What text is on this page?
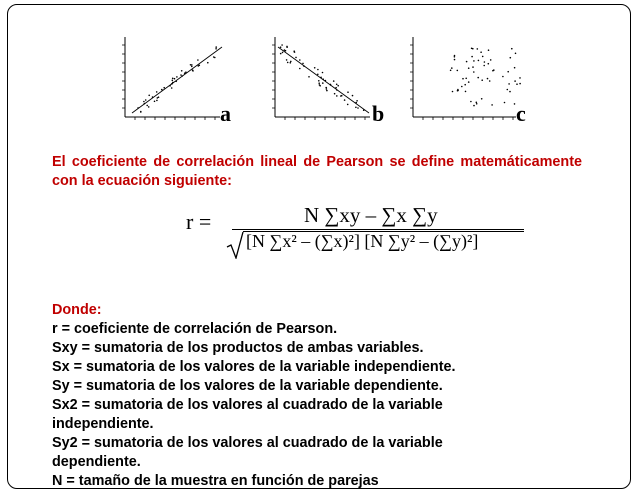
a	b	c

El coeficiente de correlación lineal de Pearson se define matemáticamente con la ecuación siguiente:

r =	N ∑xy – ∑x ∑y
[N ∑x² – (∑x)²] [N ∑y² – (∑y)²]
Donde:
r = coeficiente de correlación de Pearson.
Sxy = sumatoria de los productos de ambas variables.
Sx = sumatoria de los valores de la variable independiente.
Sy = sumatoria de los valores de la variable dependiente.
Sx2 = sumatoria de los valores al cuadrado de la variable
independiente.
Sy2 = sumatoria de los valores al cuadrado de la variable
dependiente.
N = tamaño de la muestra en función de parejas
